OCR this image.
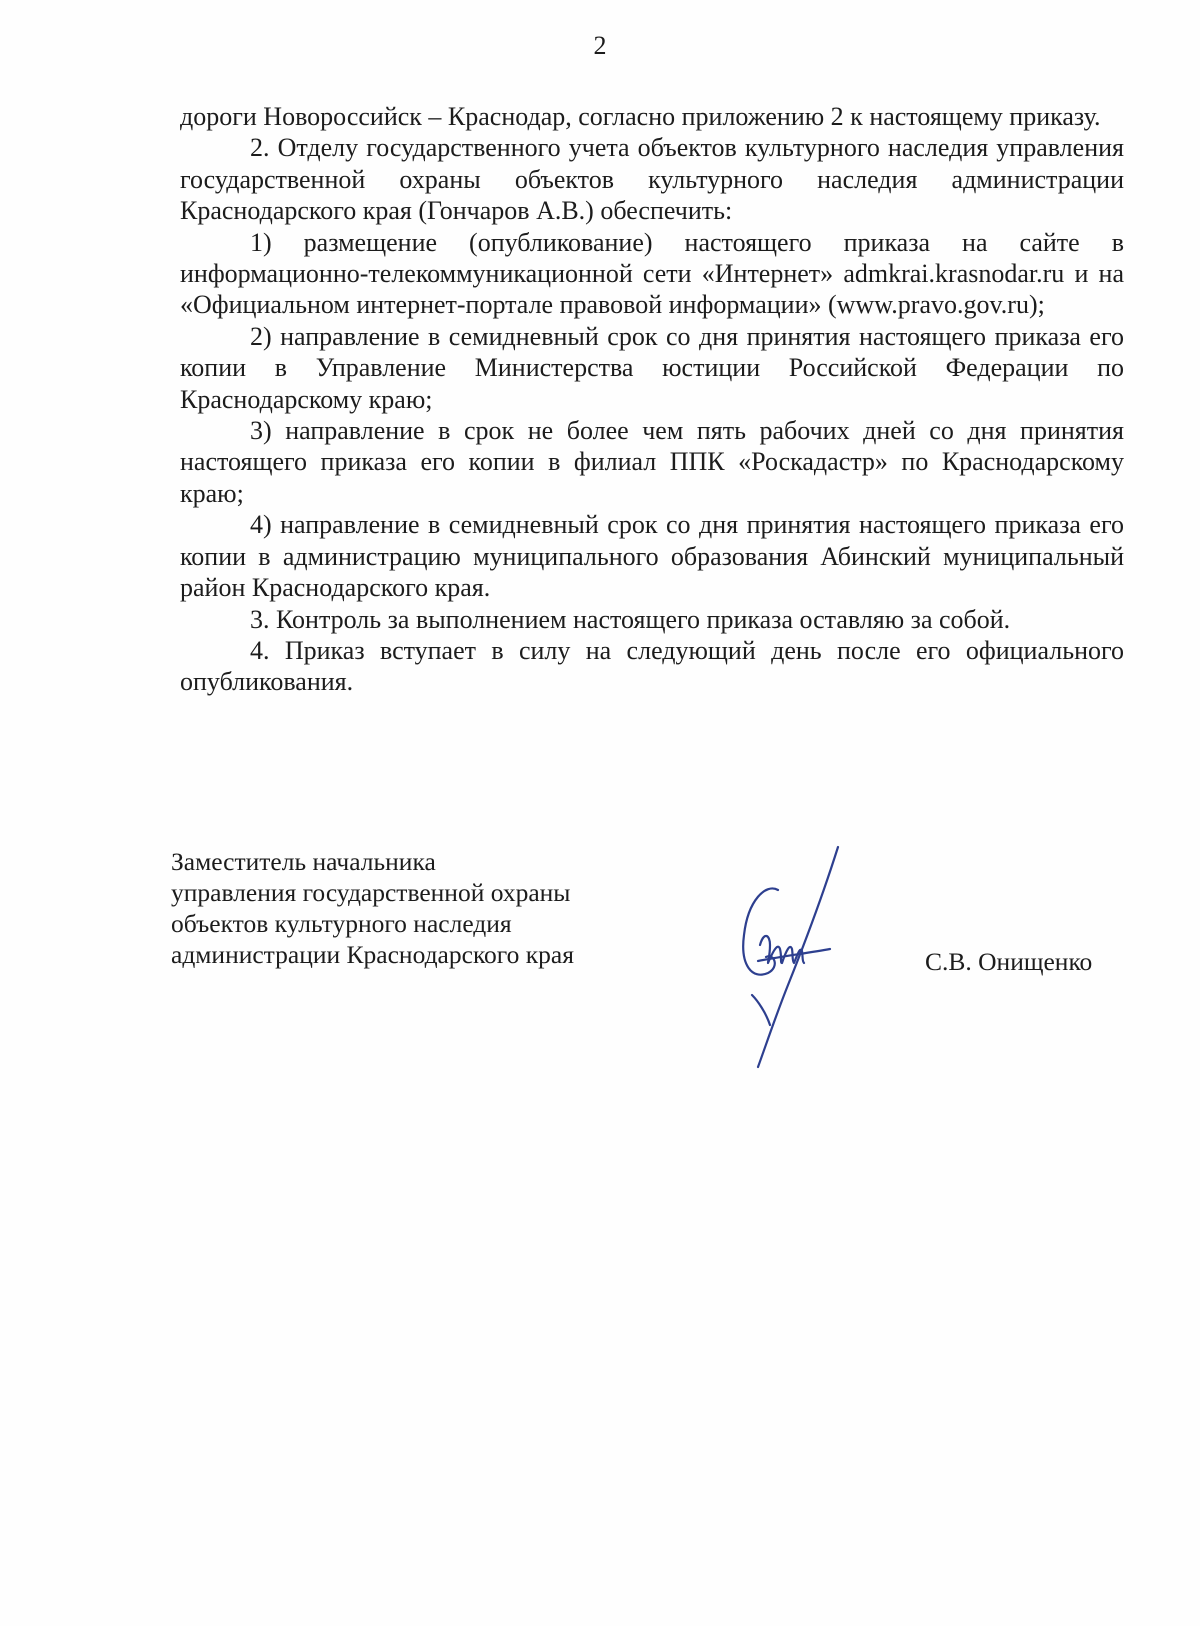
2

дороги Новороссийск – Краснодар, согласно приложению 2 к настоящему приказу.

2. Отделу государственного учета объектов культурного наследия управления государственной охраны объектов культурного наследия администрации Краснодарского края (Гончаров А.В.) обеспечить:

1) размещение (опубликование) настоящего приказа на сайте в информационно-телекоммуникационной сети «Интернет» admkrai.krasnodar.ru и на «Официальном интернет-портале правовой информации» (www.pravo.gov.ru);

2) направление в семидневный срок со дня принятия настоящего приказа его копии в Управление Министерства юстиции Российской Федерации по Краснодарскому краю;

3) направление в срок не более чем пять рабочих дней со дня принятия настоящего приказа его копии в филиал ППК «Роскадастр» по Краснодарскому краю;

4) направление в семидневный срок со дня принятия настоящего приказа его копии в администрацию муниципального образования Абинский муниципальный район Краснодарского края.

3. Контроль за выполнением настоящего приказа оставляю за собой.

4. Приказ вступает в силу на следующий день после его официального опубликования.

Заместитель начальника
управления государственной охраны
объектов культурного наследия
администрации Краснодарского края	С.В. Онищенко
